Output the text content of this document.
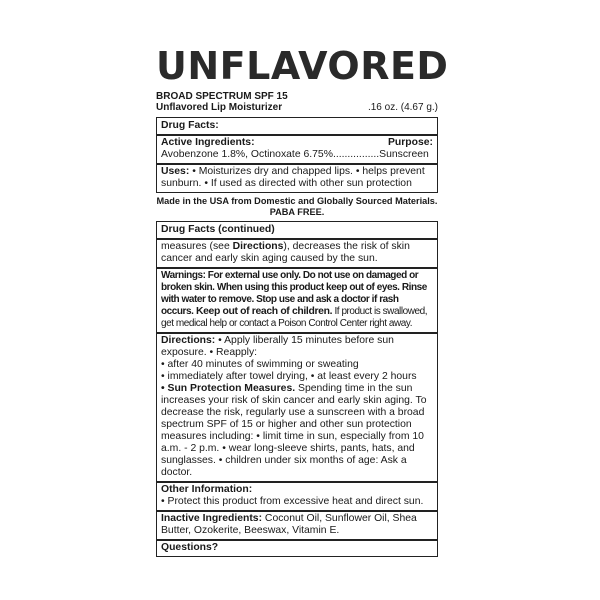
UNFLAVORED
BROAD SPECTRUM SPF 15
Unflavored Lip Moisturizer	.16 oz. (4.67 g.)
Drug Facts:
Active Ingredients:	Purpose:
Avobenzone 1.8%, Octinoxate 6.75%................Sunscreen
Uses: • Moisturizes dry and chapped lips. • helps prevent sunburn. • If used as directed with other sun protection
Made in the USA from Domestic and Globally Sourced Materials.
PABA FREE.
Drug Facts (continued)
measures (see Directions), decreases the risk of skin cancer and early skin aging caused by the sun.
Warnings: For external use only. Do not use on damaged or broken skin. When using this product keep out of eyes. Rinse with water to remove. Stop use and ask a doctor if rash occurs. Keep out of reach of children. If product is swallowed, get medical help or contact a Poison Control Center right away.
Directions: • Apply liberally 15 minutes before sun exposure. • Reapply:
• after 40 minutes of swimming or sweating
• immediately after towel drying, • at least every 2 hours
• Sun Protection Measures. Spending time in the sun increases your risk of skin cancer and early skin aging. To decrease the risk, regularly use a sunscreen with a broad spectrum SPF of 15 or higher and other sun protection measures including: • limit time in sun, especially from 10 a.m. - 2 p.m. • wear long-sleeve shirts, pants, hats, and sunglasses. • children under six months of age: Ask a doctor.
Other Information:
• Protect this product from excessive heat and direct sun.
Inactive Ingredients: Coconut Oil, Sunflower Oil, Shea Butter, Ozokerite, Beeswax, Vitamin E.
Questions?
